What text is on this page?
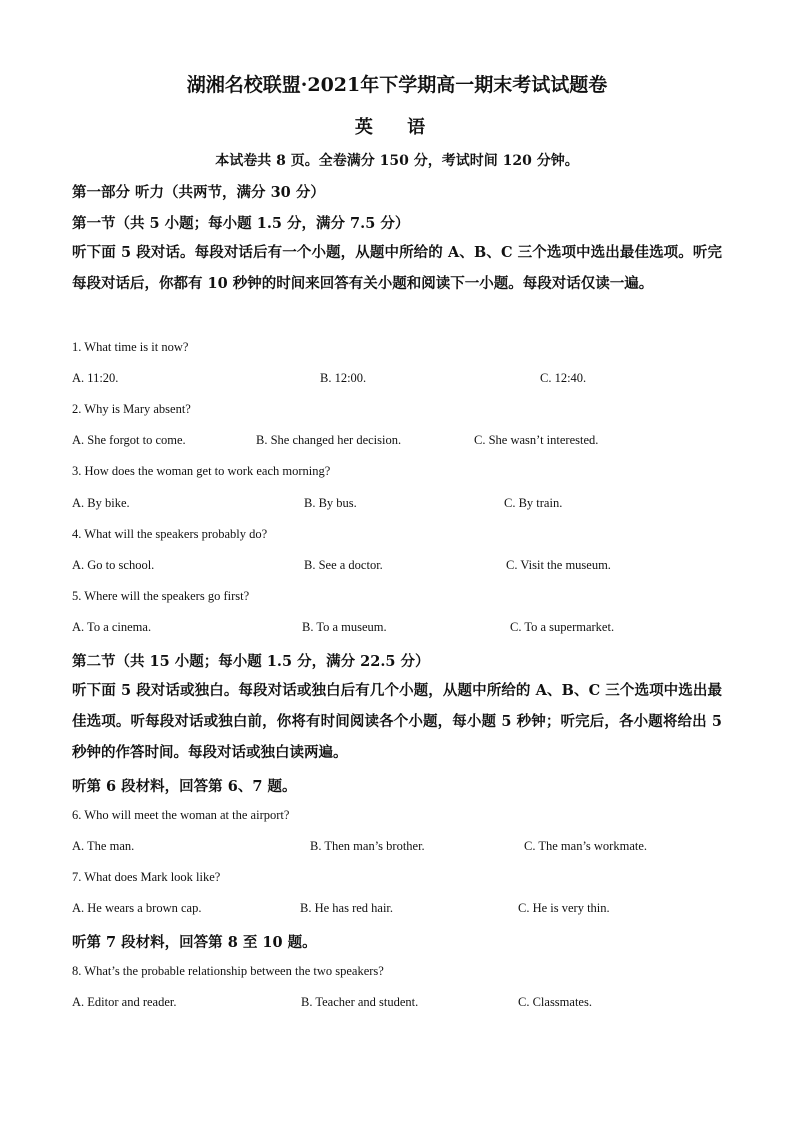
湖湘名校联盟·2021年下学期高一期末考试试题卷
英 语
本试卷共 8 页。全卷满分 150 分，考试时间 120 分钟。
第一部分 听力（共两节，满分 30 分）
第一节（共 5 小题；每小题 1.5 分，满分 7.5 分）
听下面 5 段对话。每段对话后有一个小题，从题中所给的 A、B、C 三个选项中选出最佳选项。听完每段对话后，你都有 10 秒钟的时间来回答有关小题和阅读下一小题。每段对话仅读一遍。
1. What time is it now?
A. 11:20.	B. 12:00.	C. 12:40.
2. Why is Mary absent?
A. She forgot to come.	B. She changed her decision.	C. She wasn’t interested.
3. How does the woman get to work each morning?
A. By bike.	B. By bus.	C. By train.
4. What will the speakers probably do?
A. Go to school.	B. See a doctor.	C. Visit the museum.
5. Where will the speakers go first?
A. To a cinema.	B. To a museum.	C. To a supermarket.
第二节（共 15 小题；每小题 1.5 分，满分 22.5 分）
听下面 5 段对话或独白。每段对话或独白后有几个小题，从题中所给的 A、B、C 三个选项中选出最佳选项。听每段对话或独白前，你将有时间阅读各个小题，每小题 5 秒钟；听完后，各小题将给出 5 秒钟的作答时间。每段对话或独白读两遍。
听第 6 段材料，回答第 6、7 题。
6. Who will meet the woman at the airport?
A. The man.	B. Then man’s brother.	C. The man’s workmate.
7. What does Mark look like?
A. He wears a brown cap.	B. He has red hair.	C. He is very thin.
听第 7 段材料，回答第 8 至 10 题。
8. What’s the probable relationship between the two speakers?
A. Editor and reader.	B. Teacher and student.	C. Classmates.
